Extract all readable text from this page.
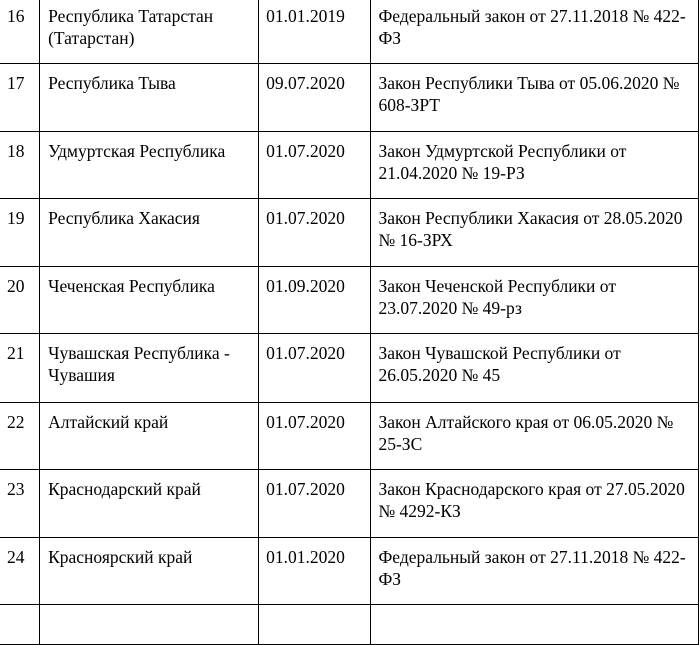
16	Республика Татарстан (Татарстан)	01.01.2019	Федеральный закон от 27.11.2018 № 422-ФЗ
17	Республика Тыва	09.07.2020	Закон Республики Тыва от 05.06.2020 № 608-ЗРТ
18	Удмуртская Республика	01.07.2020	Закон Удмуртской Республики от 21.04.2020 № 19-РЗ
19	Республика Хакасия	01.07.2020	Закон Республики Хакасия от 28.05.2020 № 16-ЗРХ
20	Чеченская Республика	01.09.2020	Закон Чеченской Республики от 23.07.2020 № 49-рз
21	Чувашская Республика - Чувашия	01.07.2020	Закон Чувашской Республики от 26.05.2020 № 45
22	Алтайский край	01.07.2020	Закон Алтайского края от 06.05.2020 № 25-ЗС
23	Краснодарский край	01.07.2020	Закон Краснодарского края от 27.05.2020 № 4292-КЗ
24	Красноярский край	01.01.2020	Федеральный закон от 27.11.2018 № 422-ФЗ
